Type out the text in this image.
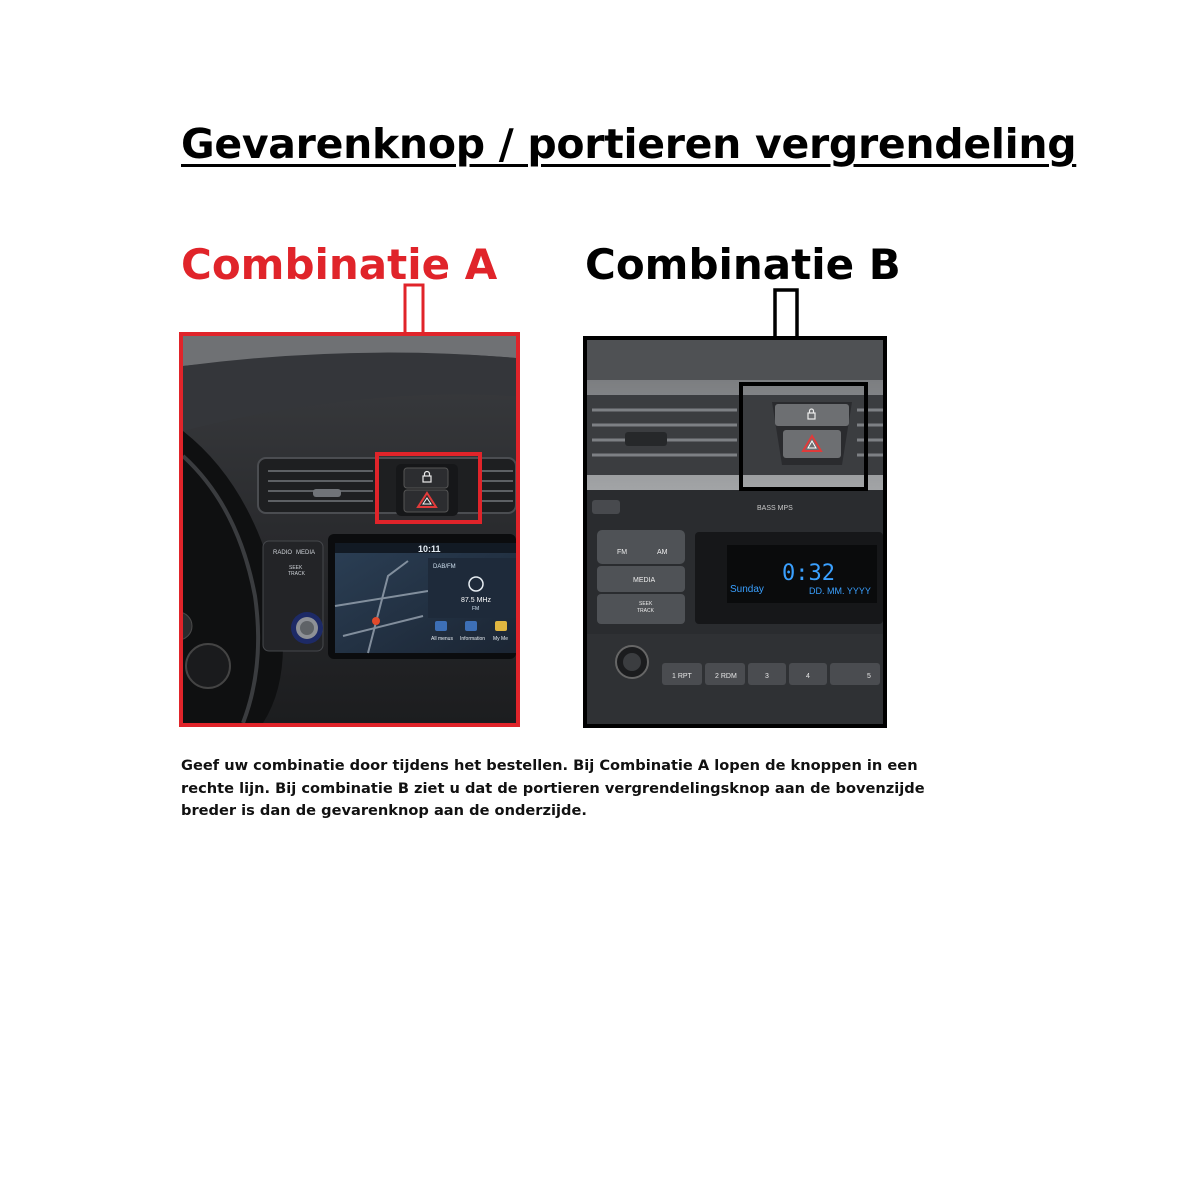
Gevarenknop / portieren vergrendeling
Combinatie A Combinatie B
RADIO MEDIA
SEEK
TRACK
10:11
DAB/FM
87.5 MHz
FM
All menus Information My Me
BASS MPS
FM	AM
MEDIA
SEEK
TRACK
0:32
Sunday	DD. MM. YYYY
1 RPT	2 RDM	3	4	5

Geef uw combinatie door tijdens het bestellen. Bij Combinatie A lopen de knoppen in een
rechte lijn. Bij combinatie B ziet u dat de portieren vergrendelingsknop aan de bovenzijde
breder is dan de gevarenknop aan de onderzijde.
